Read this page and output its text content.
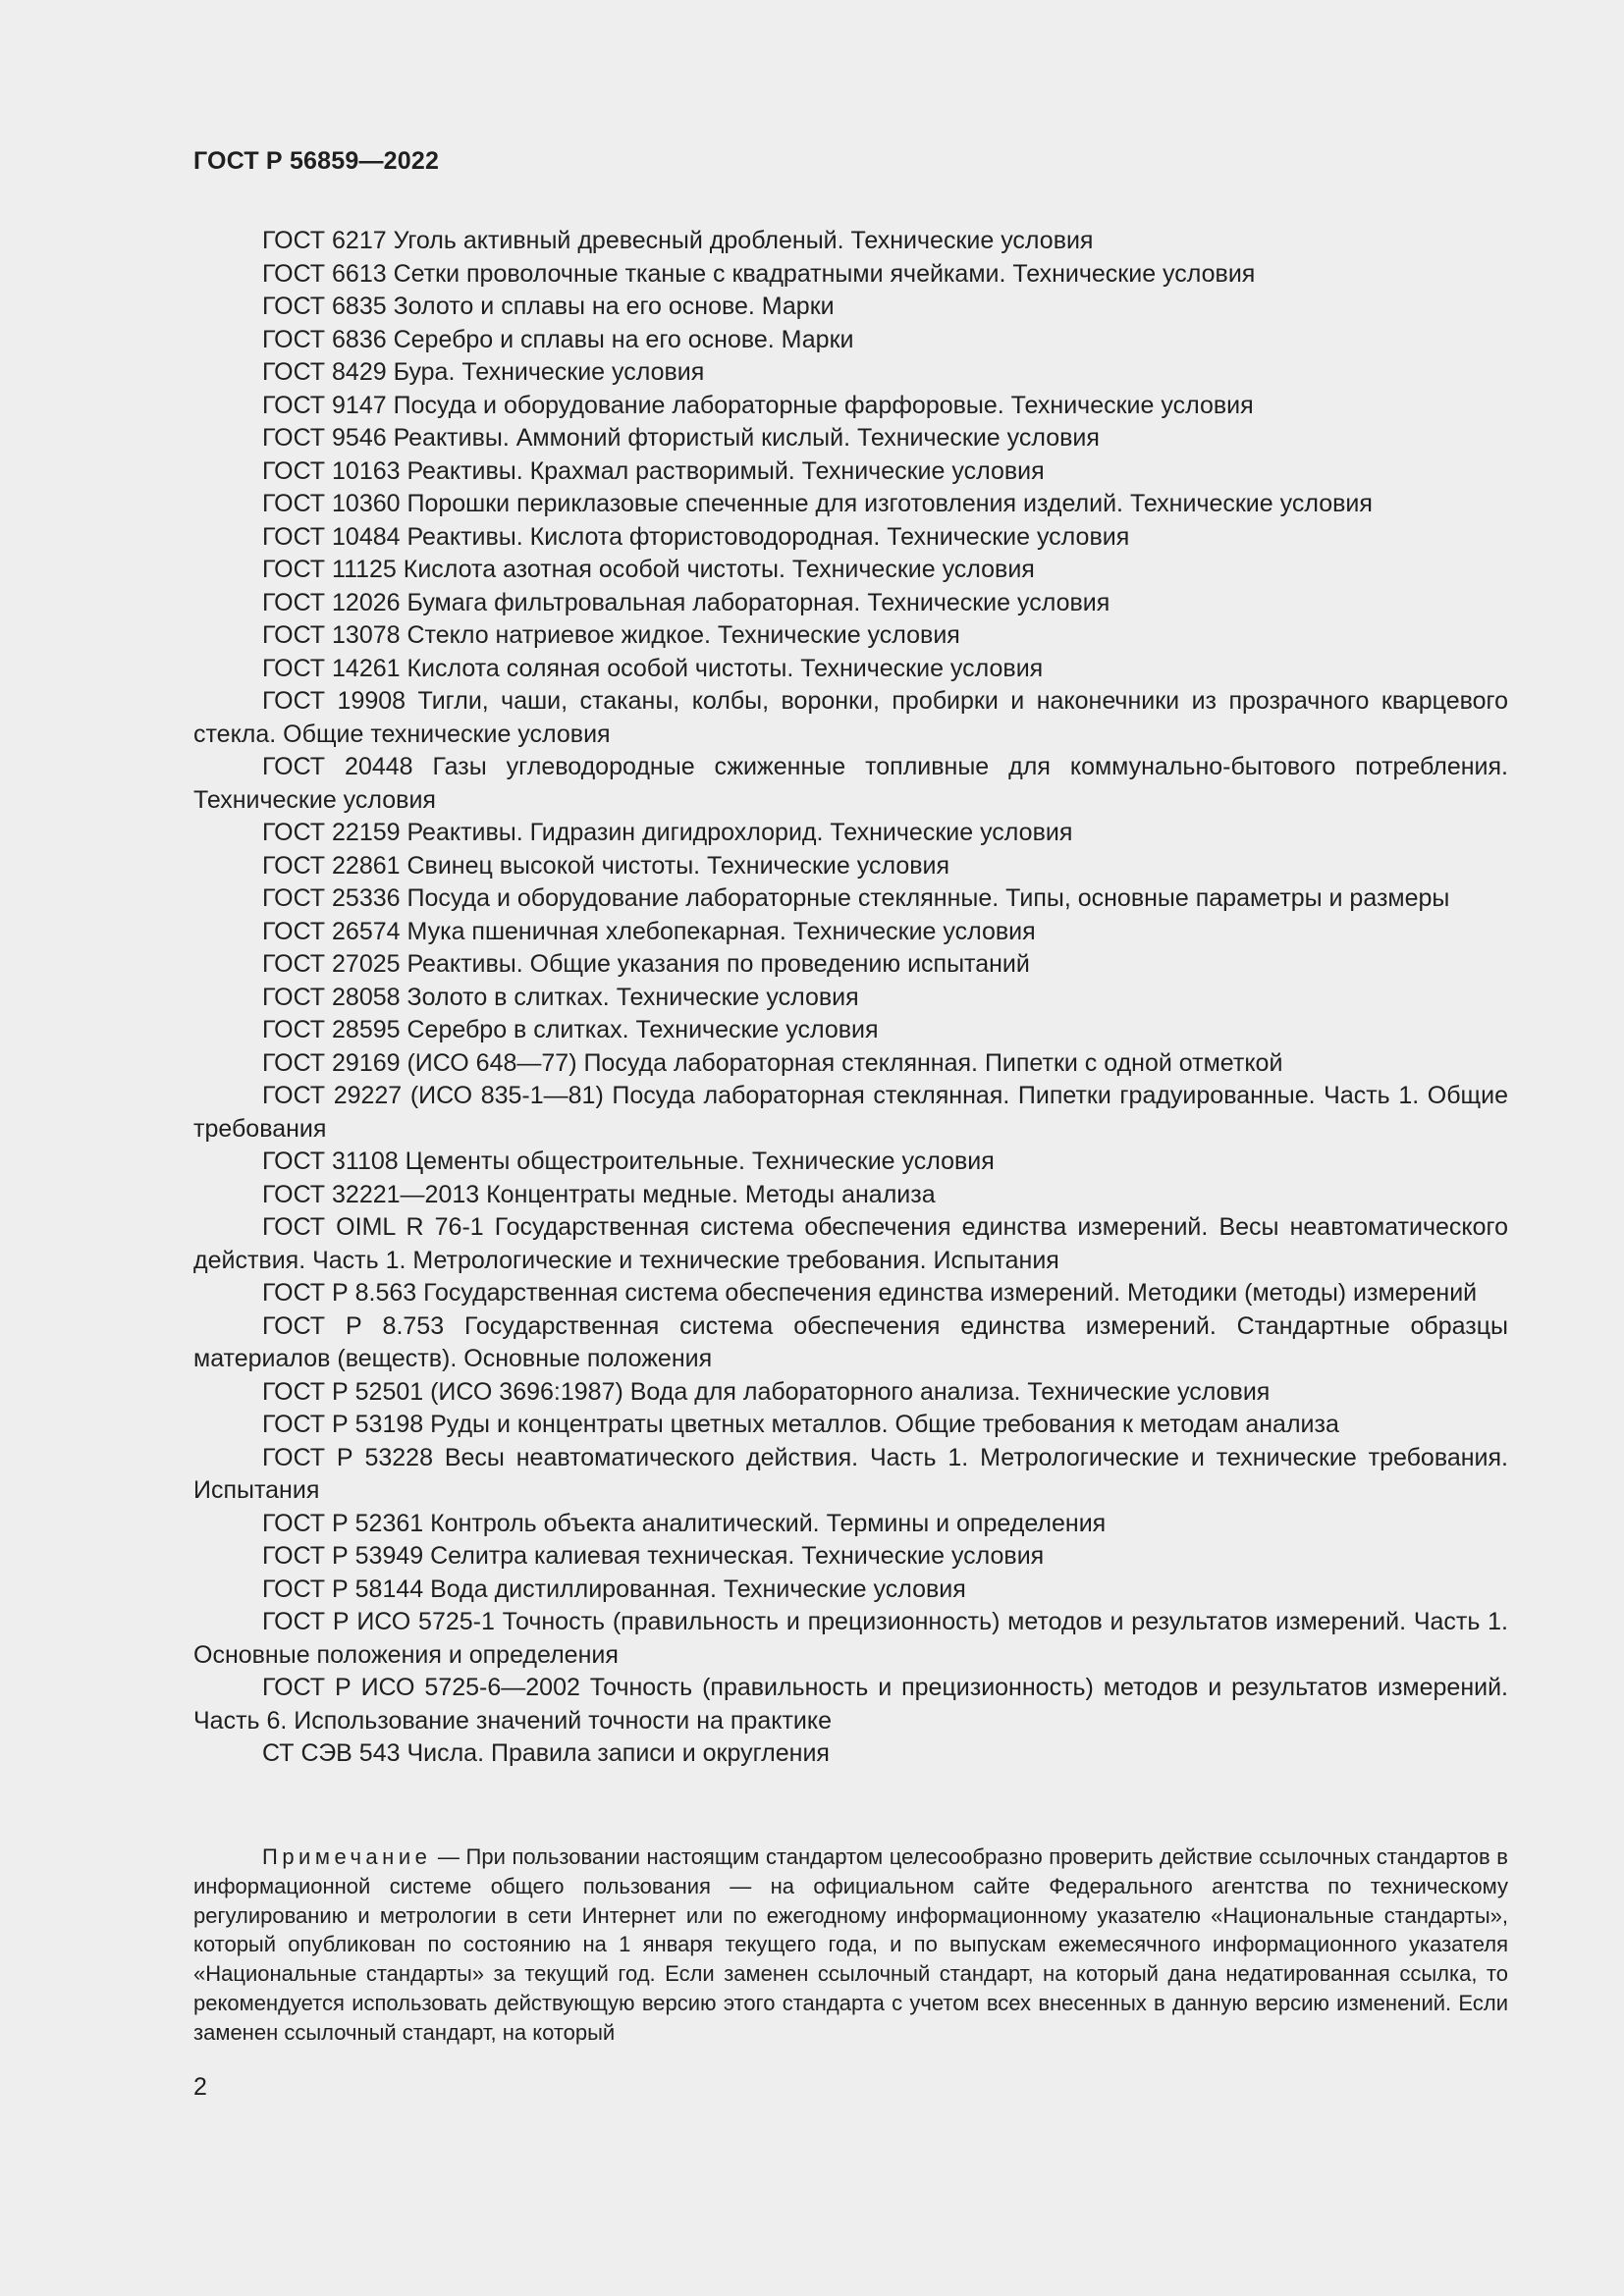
ГОСТ Р 56859—2022
ГОСТ 6217 Уголь активный древесный дробленый. Технические условия
ГОСТ 6613 Сетки проволочные тканые с квадратными ячейками. Технические условия
ГОСТ 6835 Золото и сплавы на его основе. Марки
ГОСТ 6836 Серебро и сплавы на его основе. Марки
ГОСТ 8429 Бура. Технические условия
ГОСТ 9147 Посуда и оборудование лабораторные фарфоровые. Технические условия
ГОСТ 9546 Реактивы. Аммоний фтористый кислый. Технические условия
ГОСТ 10163 Реактивы. Крахмал растворимый. Технические условия
ГОСТ 10360 Порошки периклазовые спеченные для изготовления изделий. Технические условия
ГОСТ 10484 Реактивы. Кислота фтористоводородная. Технические условия
ГОСТ 11125 Кислота азотная особой чистоты. Технические условия
ГОСТ 12026 Бумага фильтровальная лабораторная. Технические условия
ГОСТ 13078 Стекло натриевое жидкое. Технические условия
ГОСТ 14261 Кислота соляная особой чистоты. Технические условия
ГОСТ 19908 Тигли, чаши, стаканы, колбы, воронки, пробирки и наконечники из прозрачного кварцевого стекла. Общие технические условия
ГОСТ 20448 Газы углеводородные сжиженные топливные для коммунально-бытового потребления. Технические условия
ГОСТ 22159 Реактивы. Гидразин дигидрохлорид. Технические условия
ГОСТ 22861 Свинец высокой чистоты. Технические условия
ГОСТ 25336 Посуда и оборудование лабораторные стеклянные. Типы, основные параметры и размеры
ГОСТ 26574 Мука пшеничная хлебопекарная. Технические условия
ГОСТ 27025 Реактивы. Общие указания по проведению испытаний
ГОСТ 28058 Золото в слитках. Технические условия
ГОСТ 28595 Серебро в слитках. Технические условия
ГОСТ 29169 (ИСО 648—77) Посуда лабораторная стеклянная. Пипетки с одной отметкой
ГОСТ 29227 (ИСО 835-1—81) Посуда лабораторная стеклянная. Пипетки градуированные. Часть 1. Общие требования
ГОСТ 31108 Цементы общестроительные. Технические условия
ГОСТ 32221—2013 Концентраты медные. Методы анализа
ГОСТ OIML R 76-1 Государственная система обеспечения единства измерений. Весы неавтоматического действия. Часть 1. Метрологические и технические требования. Испытания
ГОСТ Р 8.563 Государственная система обеспечения единства измерений. Методики (методы) измерений
ГОСТ Р 8.753 Государственная система обеспечения единства измерений. Стандартные образцы материалов (веществ). Основные положения
ГОСТ Р 52501 (ИСО 3696:1987) Вода для лабораторного анализа. Технические условия
ГОСТ Р 53198 Руды и концентраты цветных металлов. Общие требования к методам анализа
ГОСТ Р 53228 Весы неавтоматического действия. Часть 1. Метрологические и технические требования. Испытания
ГОСТ Р 52361 Контроль объекта аналитический. Термины и определения
ГОСТ Р 53949 Селитра калиевая техническая. Технические условия
ГОСТ Р 58144 Вода дистиллированная. Технические условия
ГОСТ Р ИСО 5725-1 Точность (правильность и прецизионность) методов и результатов измерений. Часть 1. Основные положения и определения
ГОСТ Р ИСО 5725-6—2002 Точность (правильность и прецизионность) методов и результатов измерений. Часть 6. Использование значений точности на практике
СТ СЭВ 543 Числа. Правила записи и округления

Примечание — При пользовании настоящим стандартом целесообразно проверить действие ссылочных стандартов в информационной системе общего пользования — на официальном сайте Федерального агентства по техническому регулированию и метрологии в сети Интернет или по ежегодному информационному указателю «Национальные стандарты», который опубликован по состоянию на 1 января текущего года, и по выпускам ежемесячного информационного указателя «Национальные стандарты» за текущий год. Если заменен ссылочный стандарт, на который дана недатированная ссылка, то рекомендуется использовать действующую версию этого стандарта с учетом всех внесенных в данную версию изменений. Если заменен ссылочный стандарт, на который

2
